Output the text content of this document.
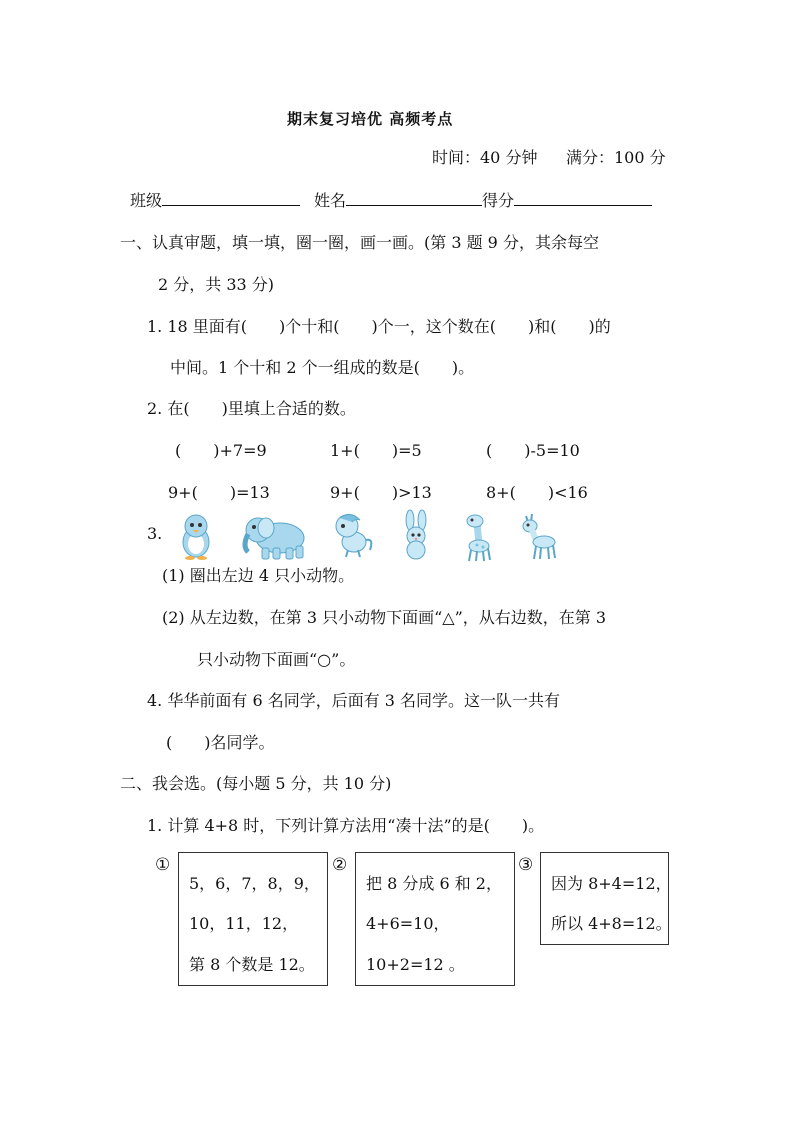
期末复习培优 高频考点
时间：40 分钟 满分：100 分
班级	姓名	得分
一、认真审题，填一填，圈一圈，画一画。(第 3 题 9 分，其余每空
2 分，共 33 分)
1. 18 里面有(　　)个十和(　　)个一，这个数在(　　)和(　　)的
中间。1 个十和 2 个一组成的数是(　　)。
2. 在(　　)里填上合适的数。
(　　)+7=9	1+(　　)=5	(　　)-5=10
9+(　　)=13	9+(　　)>13	8+(　　)<16
3.
(1) 圈出左边 4 只小动物。
(2) 从左边数，在第 3 只小动物下面画“△”，从右边数，在第 3
只小动物下面画“○”。
4. 华华前面有 6 名同学，后面有 3 名同学。这一队一共有
(　　)名同学。
二、我会选。(每小题 5 分，共 10 分)
1. 计算 4+8 时，下列计算方法用“凑十法”的是(　　)。
①
5，6，7，8，9，
10，11，12，
第 8 个数是 12。
②
把 8 分成 6 和 2，
4+6=10，
10+2=12 。
③
因为 8+4=12，
所以 4+8=12。
